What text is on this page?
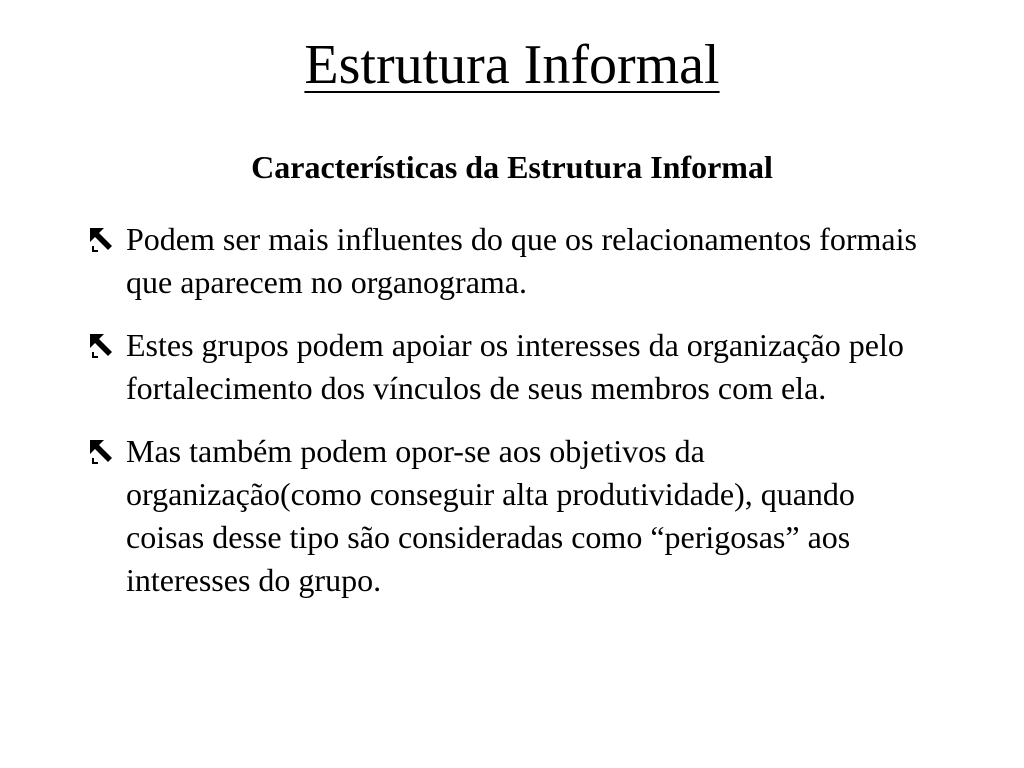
Estrutura Informal
Características da Estrutura Informal
Podem ser mais influentes do que os relacionamentos formais que aparecem no organograma.
Estes grupos podem apoiar os interesses da organização pelo fortalecimento dos vínculos de seus membros com ela.
Mas também podem opor-se aos objetivos da organização(como conseguir alta produtividade), quando coisas desse tipo são consideradas como “perigosas” aos interesses do grupo.
